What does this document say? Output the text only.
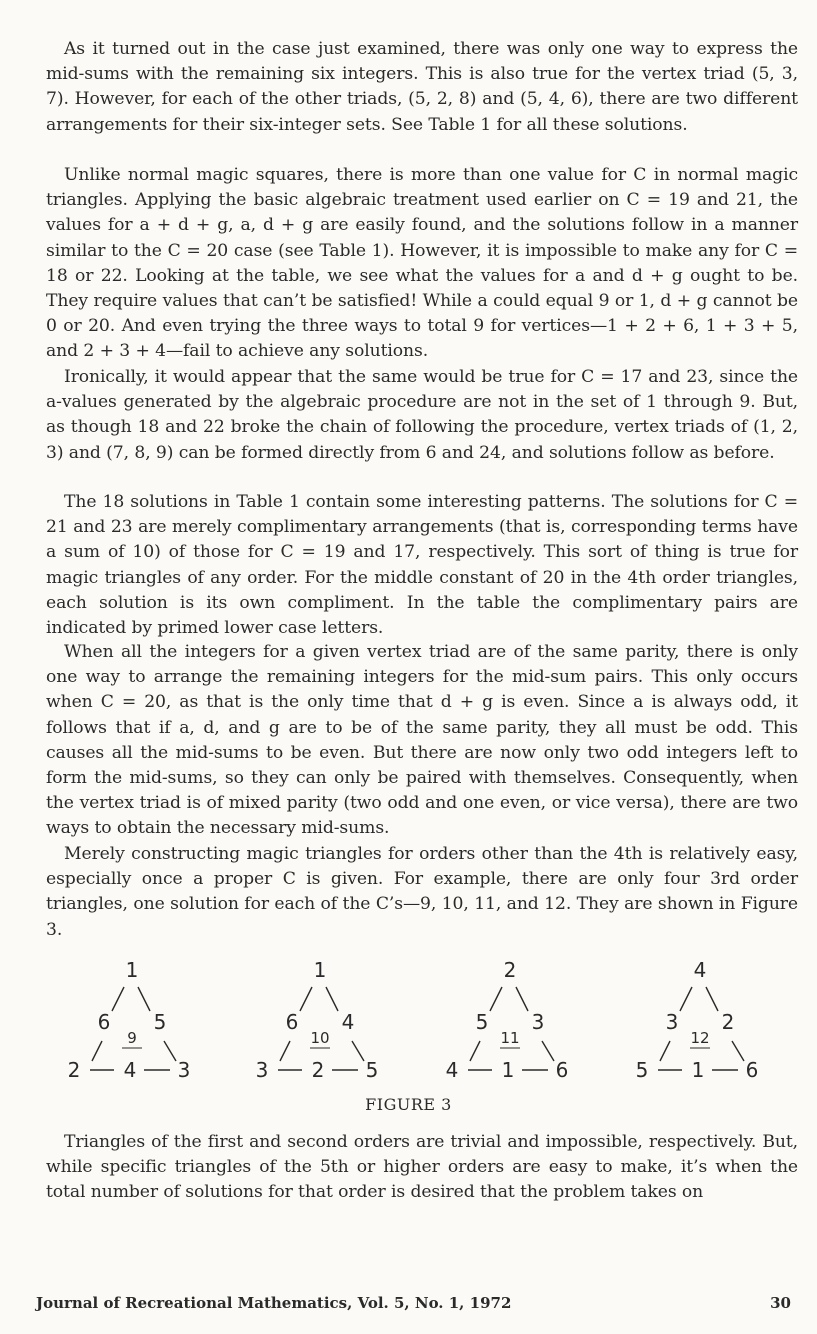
As it turned out in the case just examined, there was only one way to express the mid-sums with the remaining six integers. This is also true for the vertex triad (5, 3, 7). However, for each of the other triads, (5, 2, 8) and (5, 4, 6), there are two different arrangements for their six-integer sets. See Table 1 for all these solutions.

Unlike normal magic squares, there is more than one value for C in normal magic triangles. Applying the basic algebraic treatment used earlier on C = 19 and 21, the values for a + d + g, a, d + g are easily found, and the solutions follow in a manner similar to the C = 20 case (see Table 1). However, it is impossible to make any for C = 18 or 22. Looking at the table, we see what the values for a and d + g ought to be. They require values that can’t be satisfied! While a could equal 9 or 1, d + g cannot be 0 or 20. And even trying the three ways to total 9 for vertices—1 + 2 + 6, 1 + 3 + 5, and 2 + 3 + 4—fail to achieve any solutions.

Ironically, it would appear that the same would be true for C = 17 and 23, since the a-values generated by the algebraic procedure are not in the set of 1 through 9. But, as though 18 and 22 broke the chain of following the procedure, vertex triads of (1, 2, 3) and (7, 8, 9) can be formed directly from 6 and 24, and solutions follow as before.

The 18 solutions in Table 1 contain some interesting patterns. The solutions for C = 21 and 23 are merely complimentary arrangements (that is, corresponding terms have a sum of 10) of those for C = 19 and 17, respectively. This sort of thing is true for magic triangles of any order. For the middle constant of 20 in the 4th order triangles, each solution is its own compliment. In the table the complimentary pairs are indicated by primed lower case letters.

When all the integers for a given vertex triad are of the same parity, there is only one way to arrange the remaining integers for the mid-sum pairs. This only occurs when C = 20, as that is the only time that d + g is even. Since a is always odd, it follows that if a, d, and g are to be of the same parity, they all must be odd. This causes all the mid-sums to be even. But there are now only two odd integers left to form the mid-sums, so they can only be paired with themselves. Consequently, when the vertex triad is of mixed parity (two odd and one even, or vice versa), there are two ways to obtain the necessary mid-sums.

Merely constructing magic triangles for orders other than the 4th is relatively easy, especially once a proper C is given. For example, there are only four 3rd order triangles, one solution for each of the C’s—9, 10, 11, and 12. They are shown in Figure 3.

1
6 5
9
2 4 3
1
6 4
10
3 2 5
2
5 3
11
4 1 6
4
3 2
12
5 1 6
FIGURE 3

Triangles of the first and second orders are trivial and impossible, respectively. But, while specific triangles of the 5th or higher orders are easy to make, it’s when the total number of solutions for that order is desired that the problem takes on

Journal of Recreational Mathematics, Vol. 5, No. 1, 1972	30
